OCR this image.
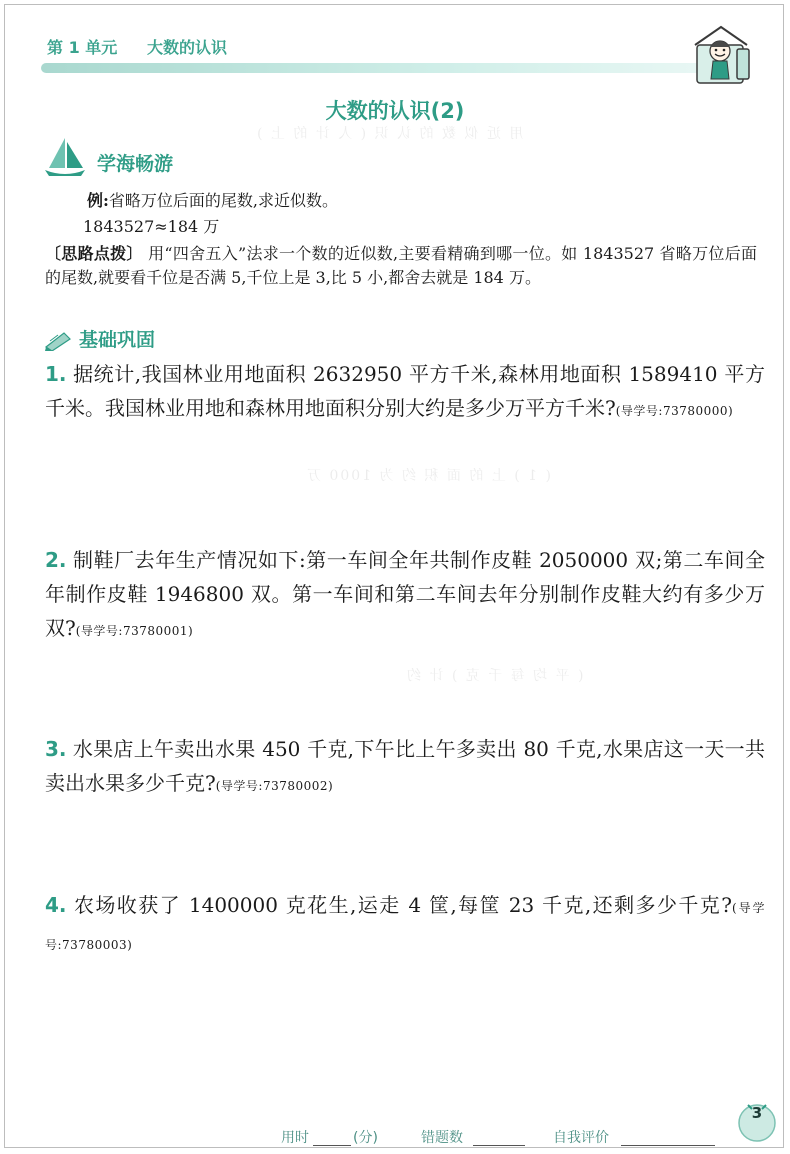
第 1 单元 大数的认识
大数的认识(2)
用 近 似 数 的 认 识 ( 人 计 的 上 )
( 1 ) 上 的 面 积 约 为 1000 万
( 平 均 每 千 克 ) 计 约
学海畅游
例:省略万位后面的尾数,求近似数。
1843527≈184 万
〔思路点拨〕 用“四舍五入”法求一个数的近似数,主要看精确到哪一位。如 1843527 省略万位后面的尾数,就要看千位是否满 5,千位上是 3,比 5 小,都舍去就是 184 万。
基础巩固
1. 据统计,我国林业用地面积 2632950 平方千米,森林用地面积 1589410 平方千米。我国林业用地和森林用地面积分别大约是多少万平方千米?(导学号:73780000)
2. 制鞋厂去年生产情况如下:第一车间全年共制作皮鞋 2050000 双;第二车间全年制作皮鞋 1946800 双。第一车间和第二车间去年分别制作皮鞋大约有多少万双?(导学号:73780001)
3. 水果店上午卖出水果 450 千克,下午比上午多卖出 80 千克,水果店这一天一共卖出水果多少千克?(导学号:73780002)
4. 农场收获了 1400000 克花生,运走 4 筐,每筐 23 千克,还剩多少千克?(导学号:73780003)
用时	(分)	错题数	自我评价
3
